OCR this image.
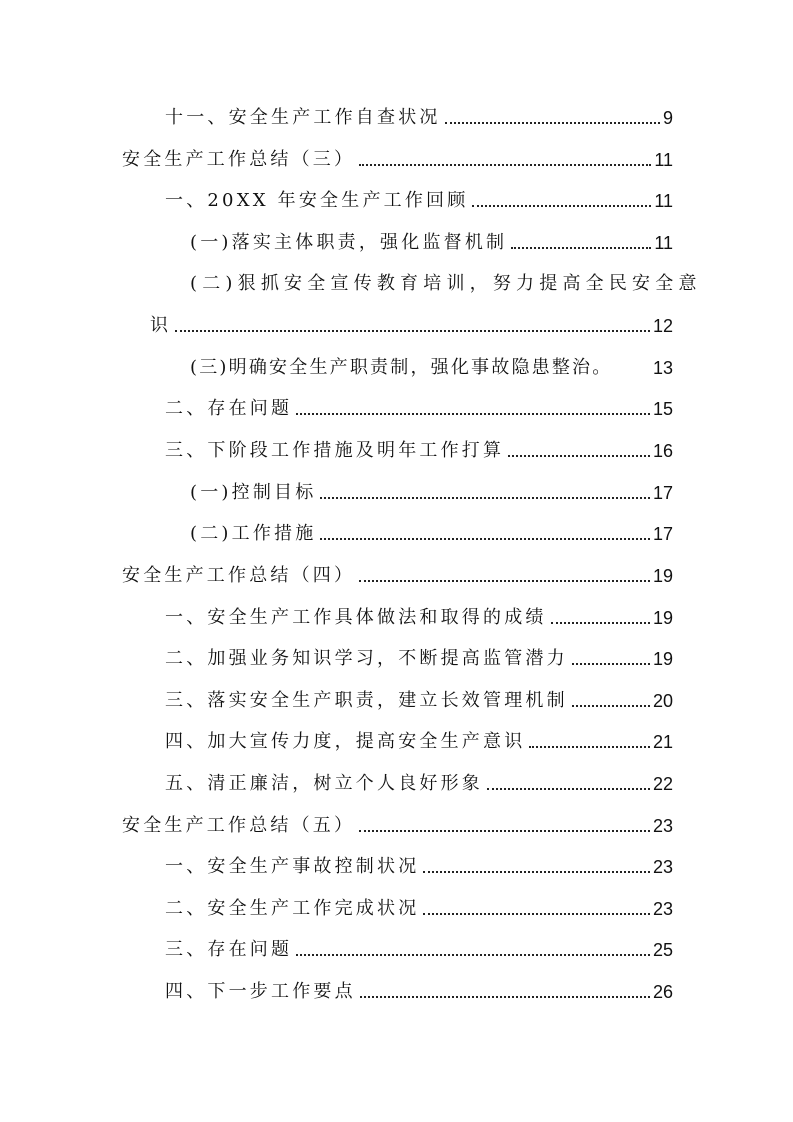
十一、安全生产工作自查状况	9
安全生产工作总结（三）	11
一、20XX 年安全生产工作回顾	11
(一)落实主体职责，强化监督机制	11
(二)狠抓安全宣传教育培训，努力提高全民安全意
识	12
(三)明确安全生产职责制，强化事故隐患整治。 13
二、存在问题	15
三、下阶段工作措施及明年工作打算	16
(一)控制目标	17
(二)工作措施	17
安全生产工作总结（四）	19
一、安全生产工作具体做法和取得的成绩	19
二、加强业务知识学习，不断提高监管潜力	19
三、落实安全生产职责，建立长效管理机制	20
四、加大宣传力度，提高安全生产意识	21
五、清正廉洁，树立个人良好形象	22
安全生产工作总结（五）	23
一、安全生产事故控制状况	23
二、安全生产工作完成状况	23
三、存在问题	25
四、下一步工作要点	26
